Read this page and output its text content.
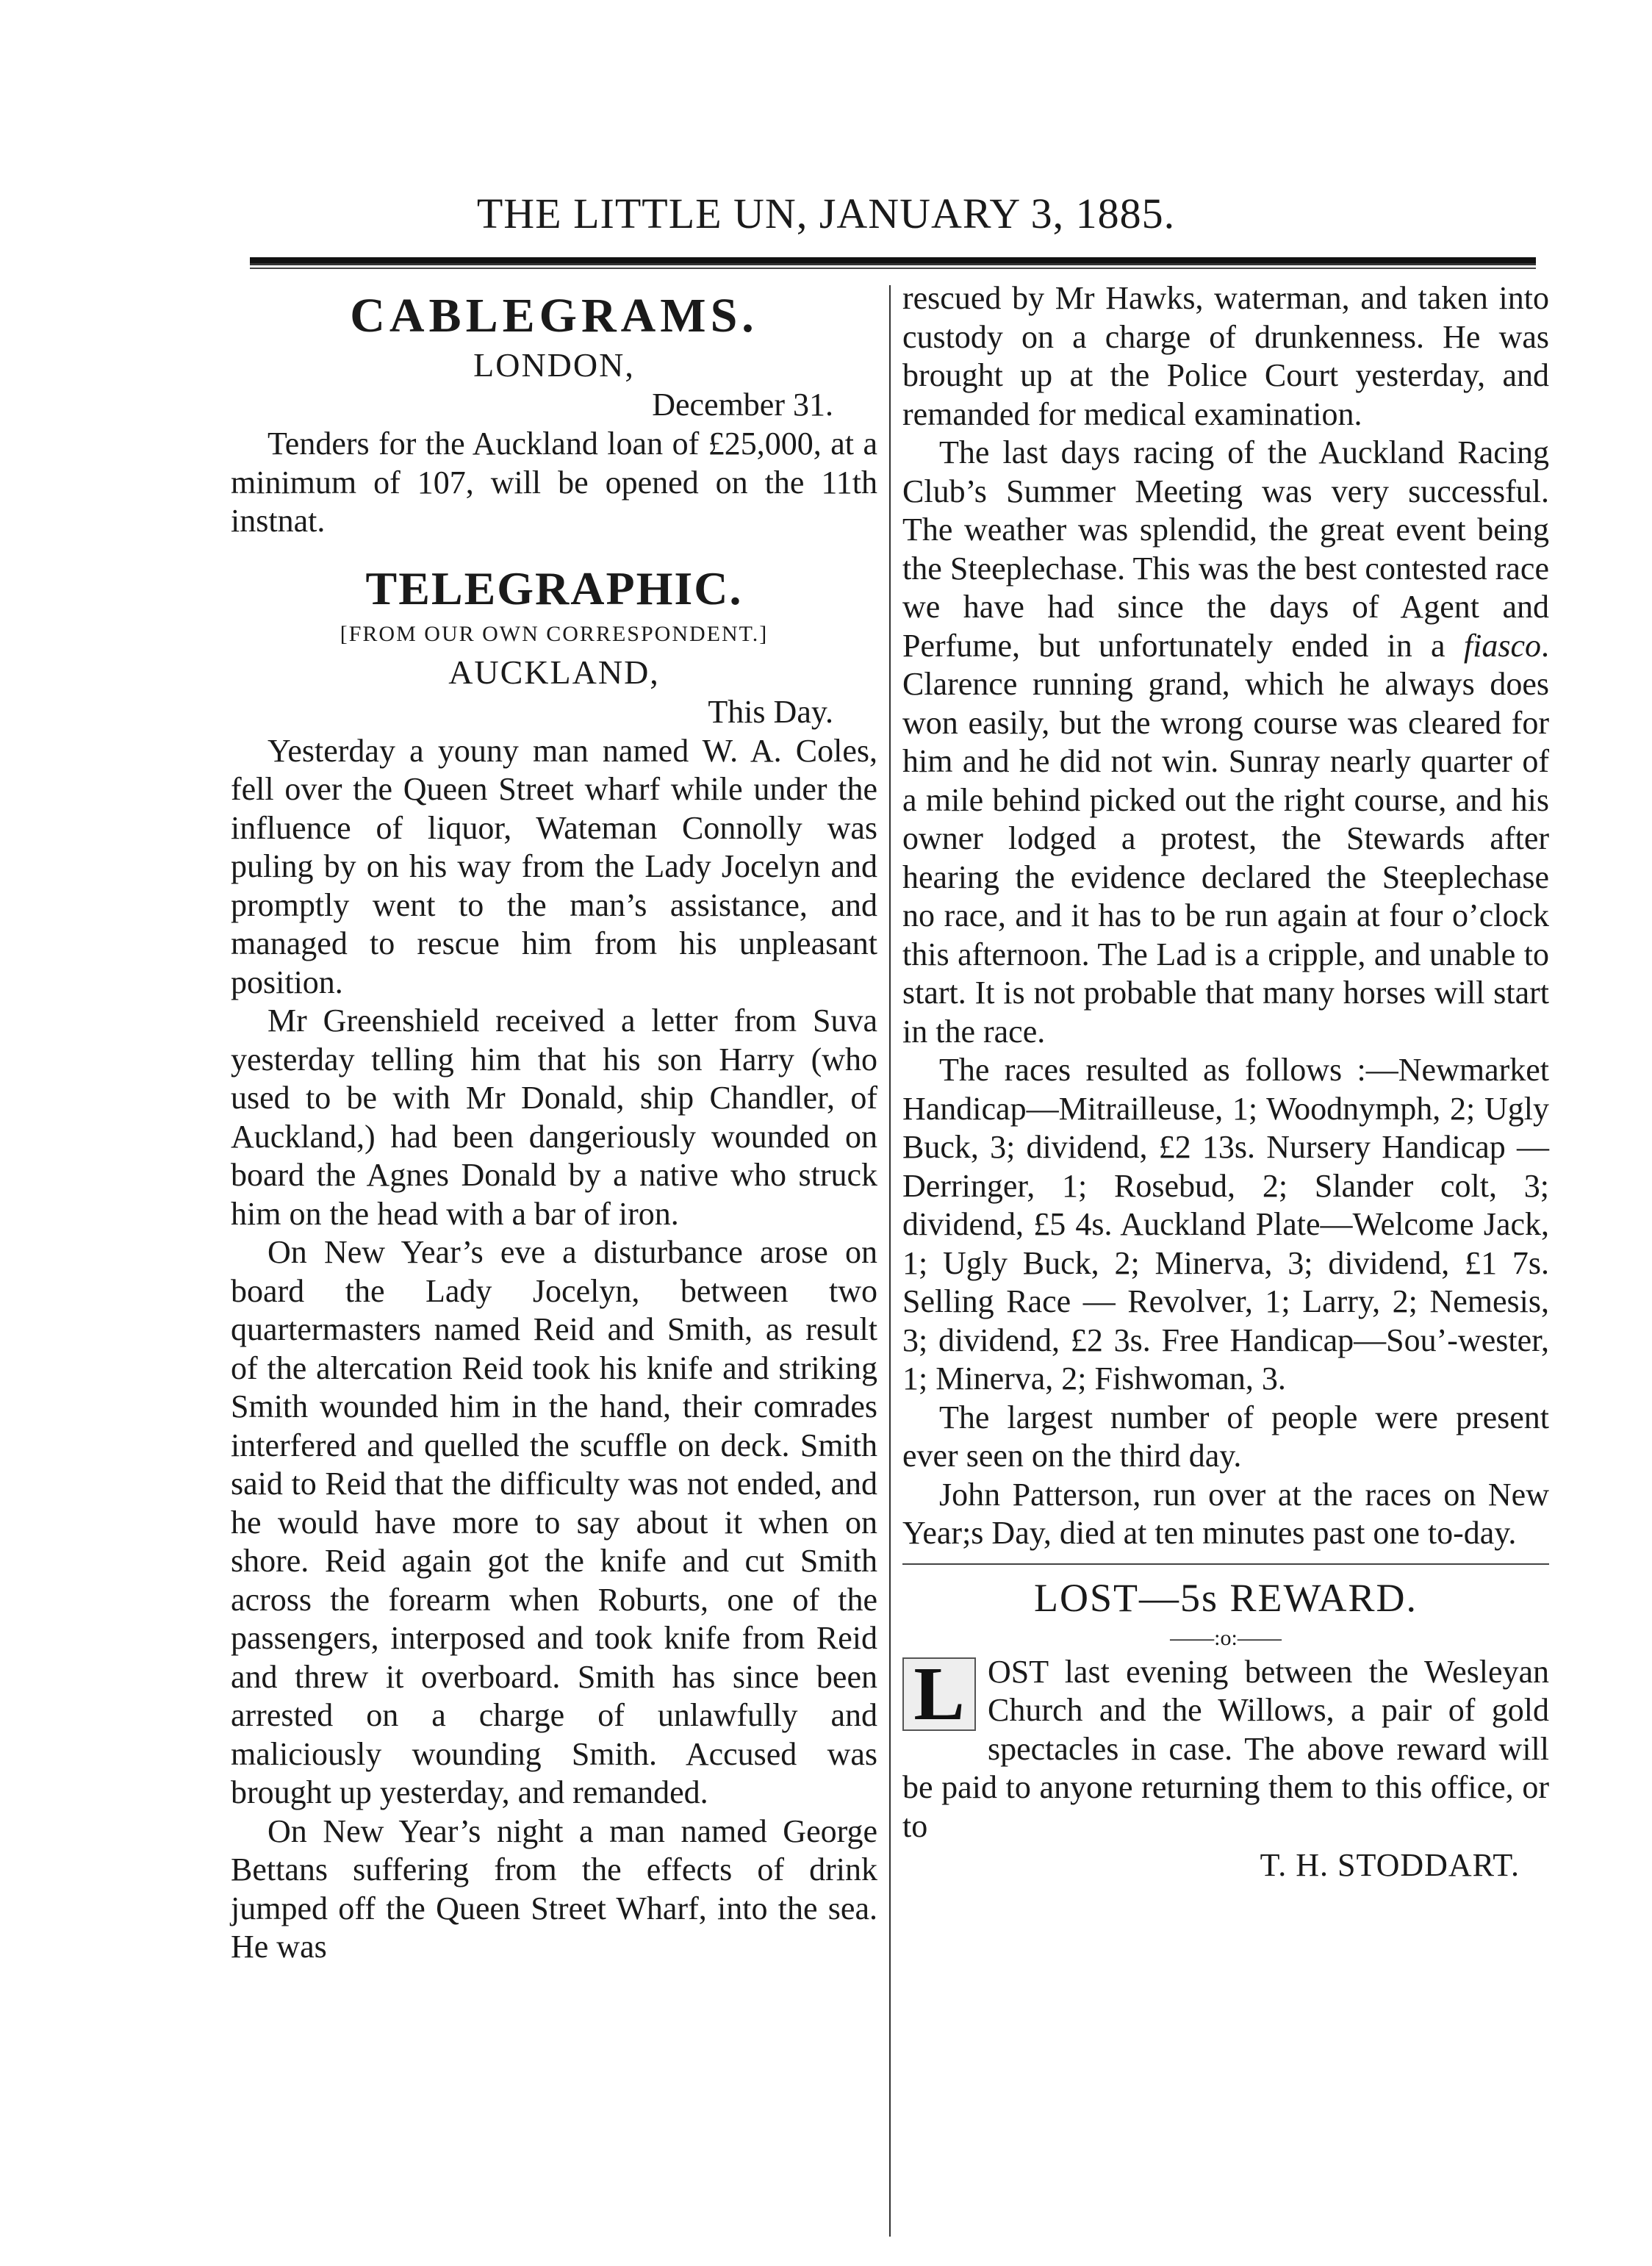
THE LITTLE UN, JANUARY 3, 1885.
CABLEGRAMS.
LONDON,
December 31.

Tenders for the Auckland loan of £25,000, at a minimum of 107, will be opened on the 11th instnat.

TELEGRAPHIC.
[FROM OUR OWN CORRESPONDENT.]
AUCKLAND,
This Day.

Yesterday a youny man named W. A. Coles, fell over the Queen Street wharf while under the influence of liquor, Wateman Connolly was puling by on his way from the Lady Jocelyn and promptly went to the man’s assistance, and managed to rescue him from his unpleasant position.

Mr Greenshield received a letter from Suva yesterday telling him that his son Harry (who used to be with Mr Donald, ship Chandler, of Auckland,) had been dangeriously wounded on board the Agnes Donald by a native who struck him on the head with a bar of iron.

On New Year’s eve a disturbance arose on board the Lady Jocelyn, between two quartermasters named Reid and Smith, as result of the altercation Reid took his knife and striking Smith wounded him in the hand, their comrades interfered and quelled the scuffle on deck. Smith said to Reid that the difficulty was not ended, and he would have more to say about it when on shore. Reid again got the knife and cut Smith across the forearm when Roburts, one of the passengers, interposed and took knife from Reid and threw it overboard. Smith has since been arrested on a charge of unlawfully and maliciously wounding Smith. Accused was brought up yesterday, and remanded.

On New Year’s night a man named George Bettans suffering from the effects of drink jumped off the Queen Street Wharf, into the sea. He was

rescued by Mr Hawks, waterman, and taken into custody on a charge of drunkenness. He was brought up at the Police Court yesterday, and remanded for medical examination.

The last days racing of the Auckland Racing Club’s Summer Meeting was very successful. The weather was splendid, the great event being the Steeplechase. This was the best contested race we have had since the days of Agent and Perfume, but unfortunately ended in a fiasco. Clarence running grand, which he always does won easily, but the wrong course was cleared for him and he did not win. Sunray nearly quarter of a mile behind picked out the right course, and his owner lodged a protest, the Stewards after hearing the evidence declared the Steeplechase no race, and it has to be run again at four o’clock this afternoon. The Lad is a cripple, and unable to start. It is not probable that many horses will start in the race.

The races resulted as follows :—Newmarket Handicap—Mitrailleuse, 1; Woodnymph, 2; Ugly Buck, 3; dividend, £2 13s. Nursery Handicap —Derringer, 1; Rosebud, 2; Slander colt, 3; dividend, £5 4s. Auckland Plate—Welcome Jack, 1; Ugly Buck, 2; Minerva, 3; dividend, £1 7s. Selling Race — Revolver, 1; Larry, 2; Nemesis, 3; dividend, £2 3s. Free Handicap—Sou’-wester, 1; Minerva, 2; Fishwoman, 3.

The largest number of people were present ever seen on the third day.

John Patterson, run over at the races on New Year;s Day, died at ten minutes past one to-day.

LOST—5s REWARD.
——:o:——

L OST last evening between the Wesleyan Church and the Willows, a pair of gold spectacles in case. The above reward will be paid to anyone returning them to this office, or to

T. H. STODDART.
